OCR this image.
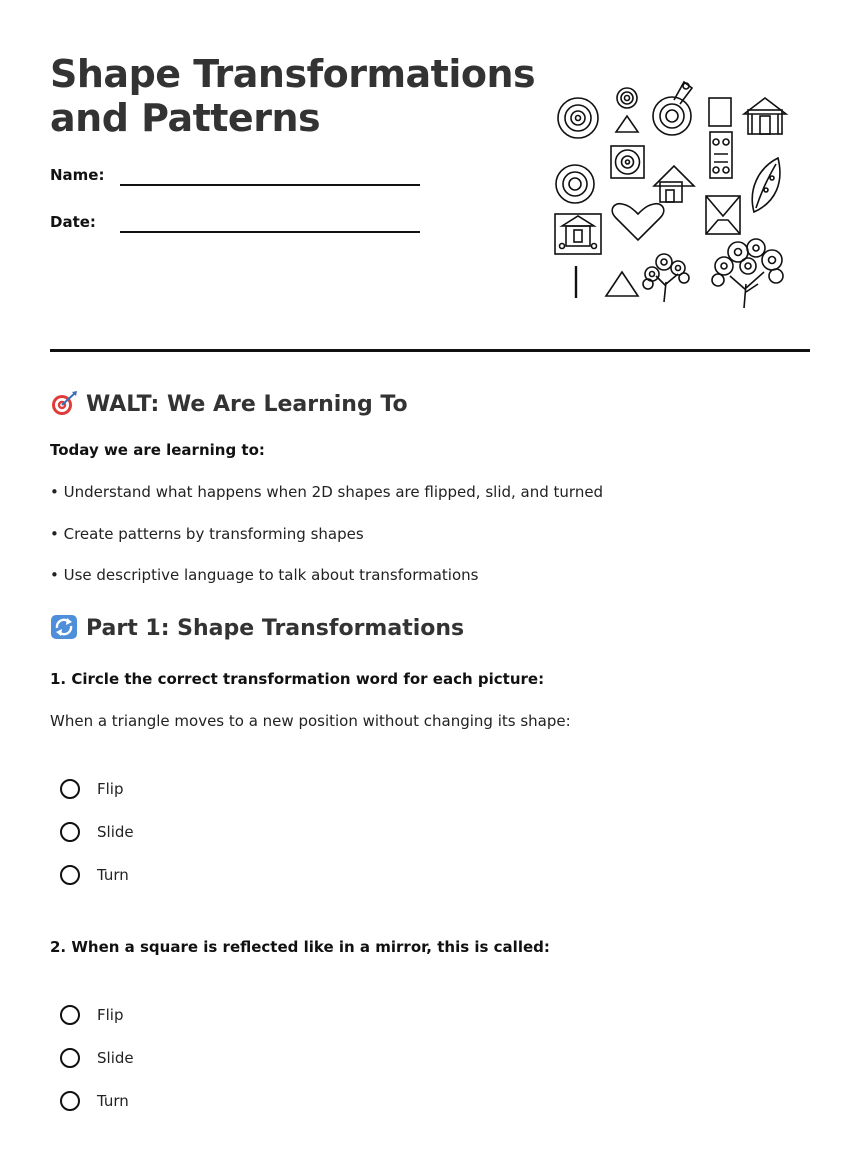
Shape Transformations
and Patterns
Name:
Date:
WALT: We Are Learning To
Today we are learning to:
• Understand what happens when 2D shapes are flipped, slid, and turned
• Create patterns by transforming shapes
• Use descriptive language to talk about transformations
Part 1: Shape Transformations
1. Circle the correct transformation word for each picture:
When a triangle moves to a new position without changing its shape:
Flip
Slide
Turn
2. When a square is reflected like in a mirror, this is called:
Flip
Slide
Turn
